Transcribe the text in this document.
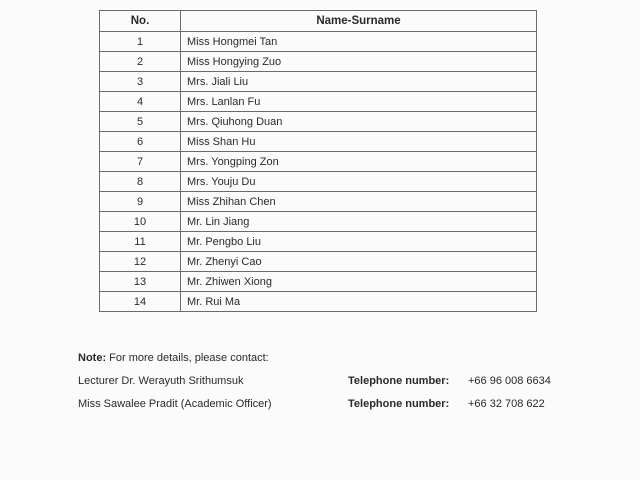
No.	Name-Surname
1	Miss Hongmei Tan
2	Miss Hongying Zuo
3	Mrs. Jiali Liu
4	Mrs. Lanlan Fu
5	Mrs. Qiuhong Duan
6	Miss Shan Hu
7	Mrs. Yongping Zon
8	Mrs. Youju Du
9	Miss Zhihan Chen
10	Mr. Lin Jiang
11	Mr. Pengbo Liu
12	Mr. Zhenyi Cao
13	Mr. Zhiwen Xiong
14	Mr. Rui Ma
Note: For more details, please contact:
Lecturer Dr. Werayuth Srithumsuk	Telephone number: +66 96 008 6634
Miss Sawalee Pradit (Academic Officer)	Telephone number: +66 32 708 622
